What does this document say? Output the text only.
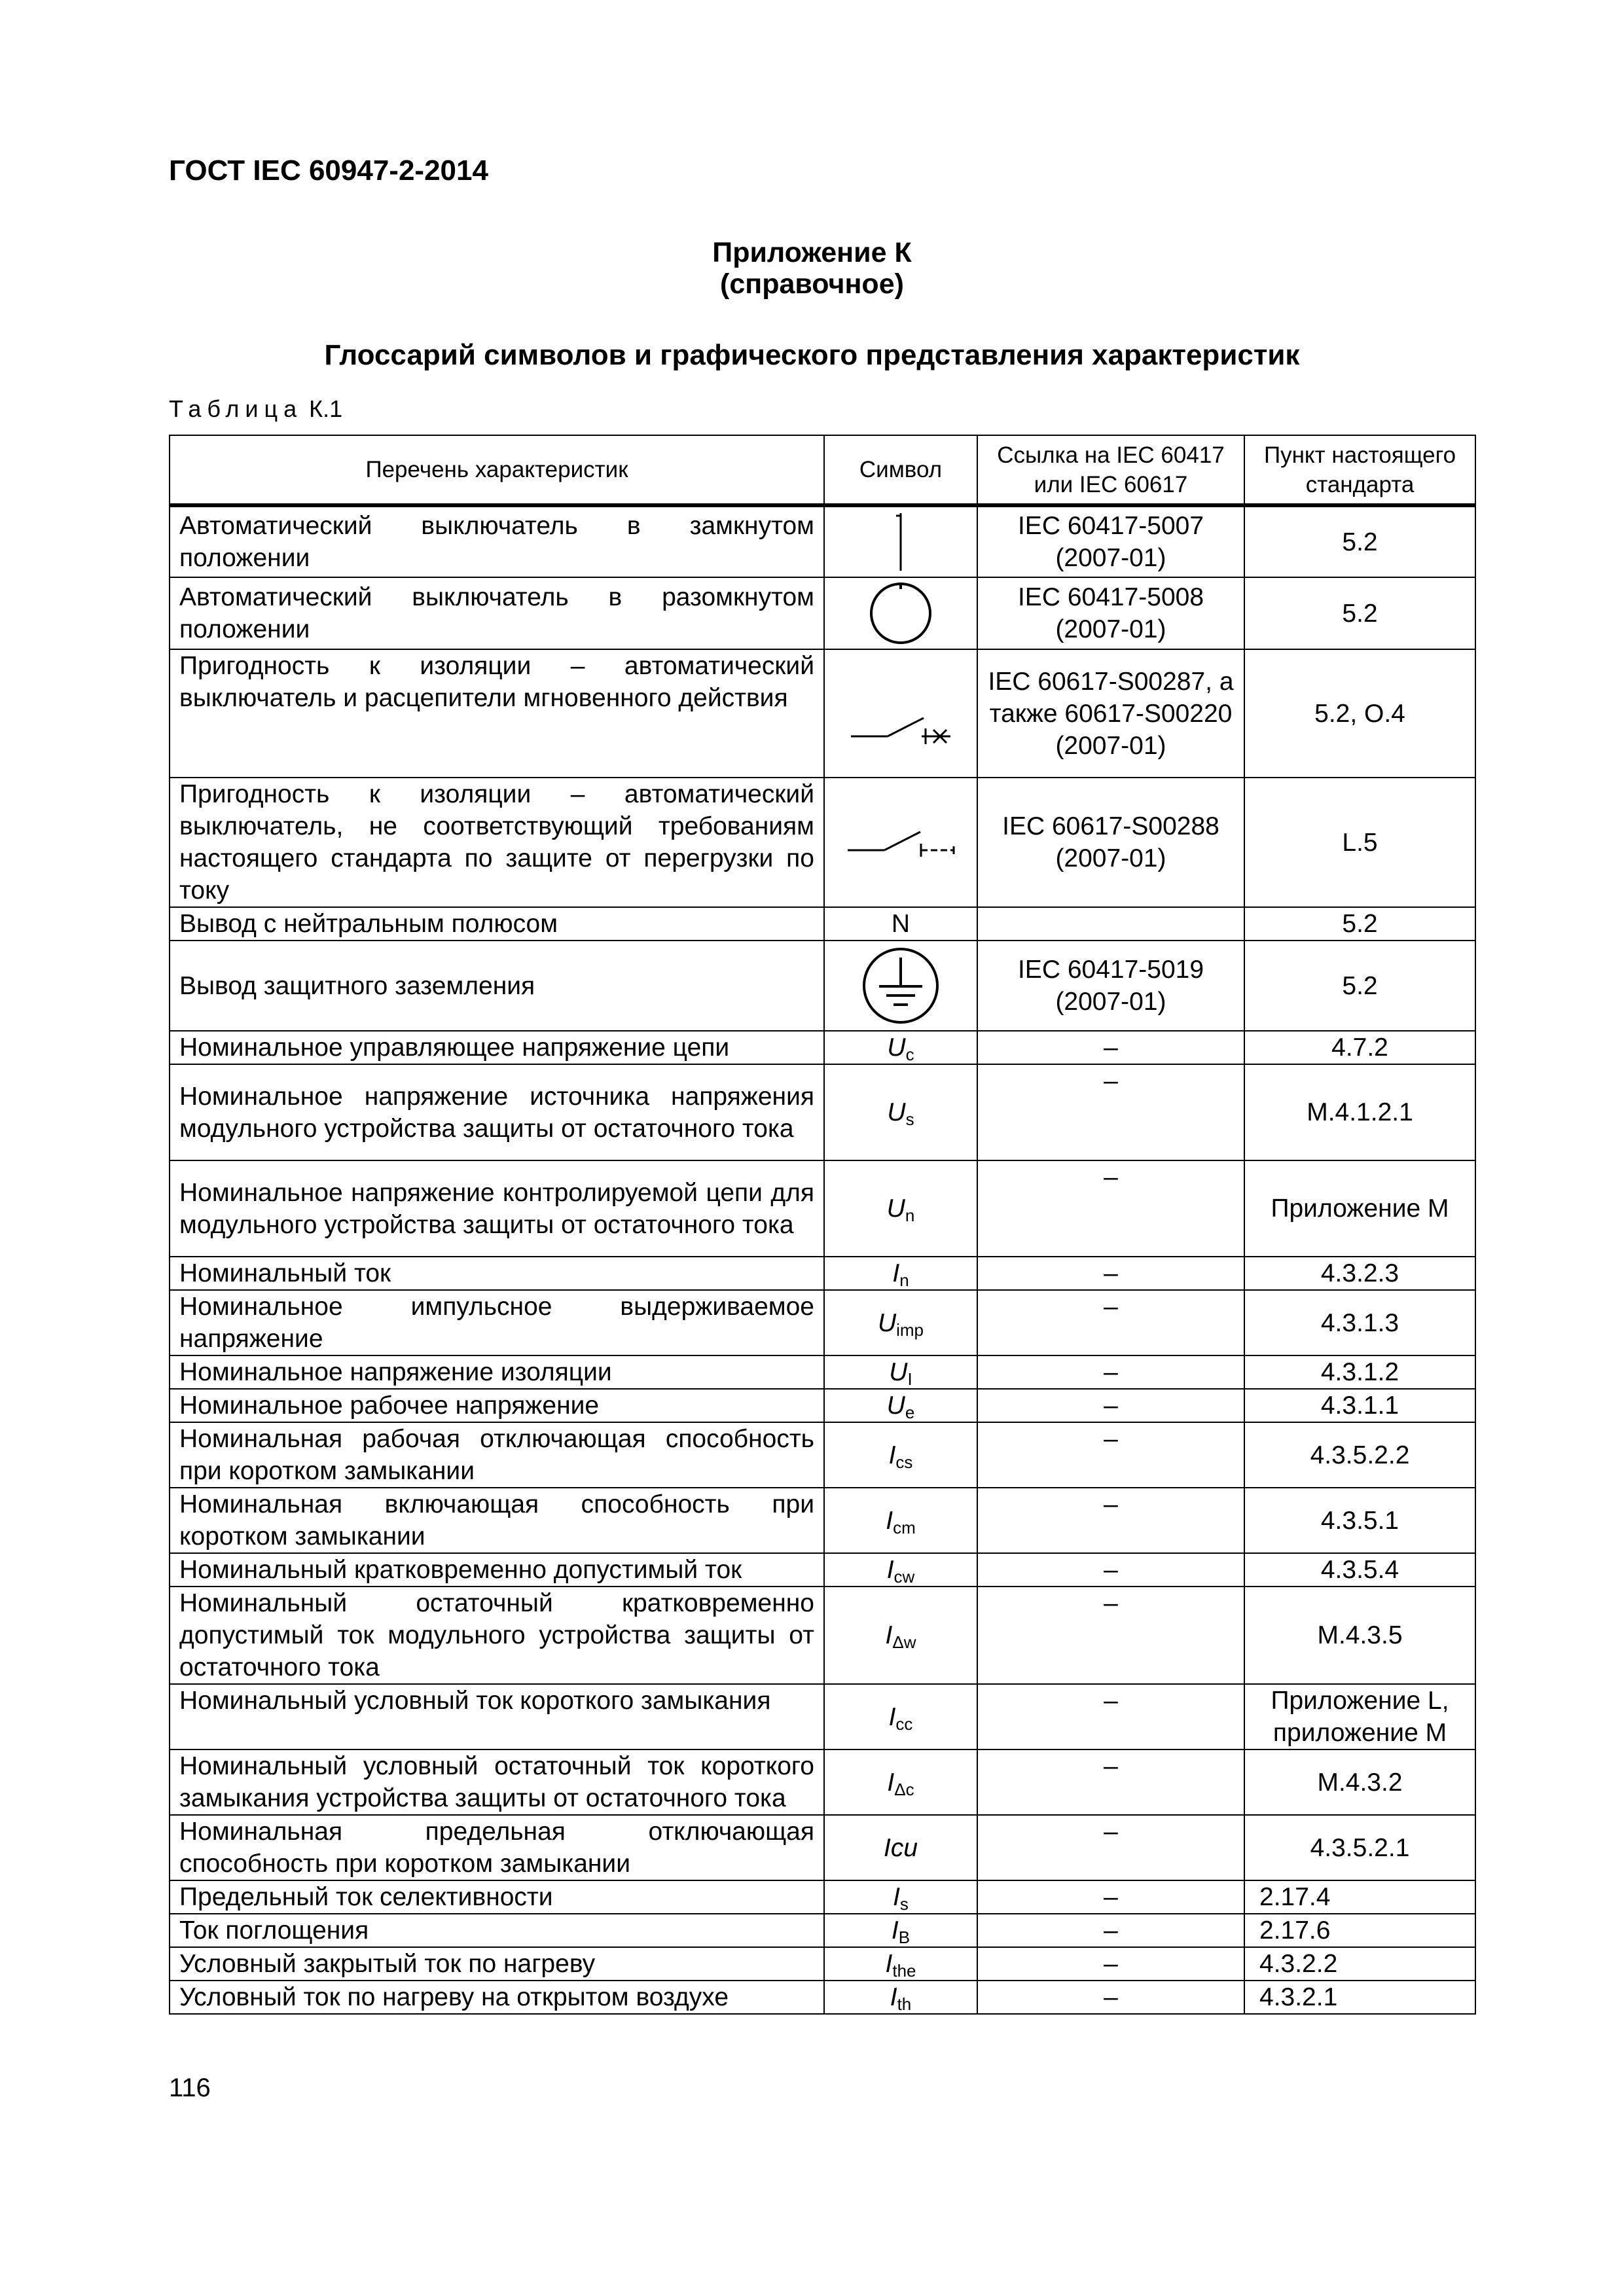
ГОСТ IEC 60947-2-2014
Приложение К
(справочное)
Глоссарий символов и графического представления характеристик
Таблица К.1
Перечень характеристик	Символ	Ссылка на IEC 60417 или IEC 60617	Пункт настоящего стандарта
Автоматический выключатель в замкнутом положении		IEC 60417-5007 (2007-01)	5.2
Автоматический выключатель в разомкнутом положении		IEC 60417-5008 (2007-01)	5.2
Пригодность к изоляции – автоматический выключатель и расцепители мгновенного действия		IEC 60617-S00287, а также 60617-S00220 (2007-01)	5.2, O.4
Пригодность к изоляции – автоматический выключатель, не соответствующий требованиям настоящего стандарта по защите от перегрузки по току		IEC 60617-S00288 (2007-01)	L.5
Вывод с нейтральным полюсом	N		5.2
Вывод защитного заземления		IEC 60417-5019 (2007-01)	5.2
Номинальное управляющее напряжение цепи	$U_c$	–	4.7.2
Номинальное напряжение источника напряжения модульного устройства защиты от остаточного тока	$U_s$	–	M.4.1.2.1
Номинальное напряжение контролируемой цепи для модульного устройства защиты от остаточного тока	$U_n$	–	Приложение M
Номинальный ток	$I_n$	–	4.3.2.3
Номинальное импульсное выдерживаемое напряжение	$U_{imp}$	–	4.3.1.3
Номинальное напряжение изоляции	$U_I$	–	4.3.1.2
Номинальное рабочее напряжение	$U_e$	–	4.3.1.1
Номинальная рабочая отключающая способность при коротком замыкании	$I_{cs}$	–	4.3.5.2.2
Номинальная включающая способность при коротком замыкании	$I_{cm}$	–	4.3.5.1
Номинальный кратковременно допустимый ток	$I_{cw}$	–	4.3.5.4
Номинальный остаточный кратковременно допустимый ток модульного устройства защиты от остаточного тока	$I_{\Delta w}$	–	M.4.3.5
Номинальный условный ток короткого замыкания	$I_{cc}$	–	Приложение L, приложение M
Номинальный условный остаточный ток короткого замыкания устройства защиты от остаточного тока	$I_{\Delta c}$	–	M.4.3.2
Номинальная предельная отключающая способность при коротком замыкании	Icu	–	4.3.5.2.1
Предельный ток селективности	$I_s$	–	2.17.4
Ток поглощения	$I_B$	–	2.17.6
Условный закрытый ток по нагреву	$I_{the}$	–	4.3.2.2
Условный ток по нагреву на открытом воздухе	$I_{th}$	–	4.3.2.1
116
